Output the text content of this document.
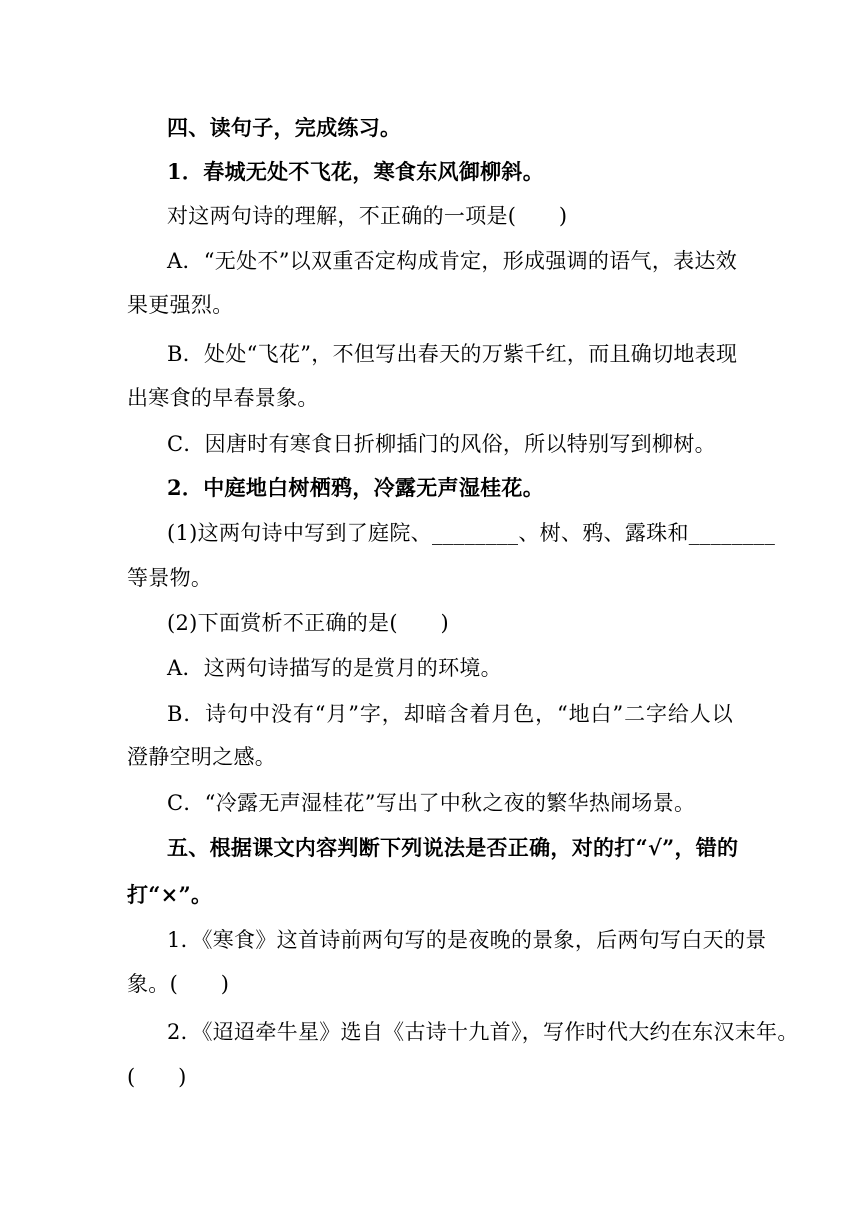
四、读句子，完成练习。
1．春城无处不飞花，寒食东风御柳斜。
对这两句诗的理解，不正确的一项是(　　)
A．“无处不”以双重否定构成肯定，形成强调的语气，表达效
果更强烈。
B．处处“飞花”，不但写出春天的万紫千红，而且确切地表现
出寒食的早春景象。
C．因唐时有寒食日折柳插门的风俗，所以特别写到柳树。
2．中庭地白树栖鸦，冷露无声湿桂花。
(1)这两句诗中写到了庭院、________、树、鸦、露珠和________
等景物。
(2)下面赏析不正确的是(　　)
A．这两句诗描写的是赏月的环境。
B．诗句中没有“月”字，却暗含着月色，“地白”二字给人以
澄静空明之感。
C．“冷露无声湿桂花”写出了中秋之夜的繁华热闹场景。
五、根据课文内容判断下列说法是否正确，对的打“√”，错的
打“×”。
1．《寒食》这首诗前两句写的是夜晚的景象，后两句写白天的景
象。(　　)
2．《迢迢牵牛星》选自《古诗十九首》，写作时代大约在东汉末年。
(　　)
